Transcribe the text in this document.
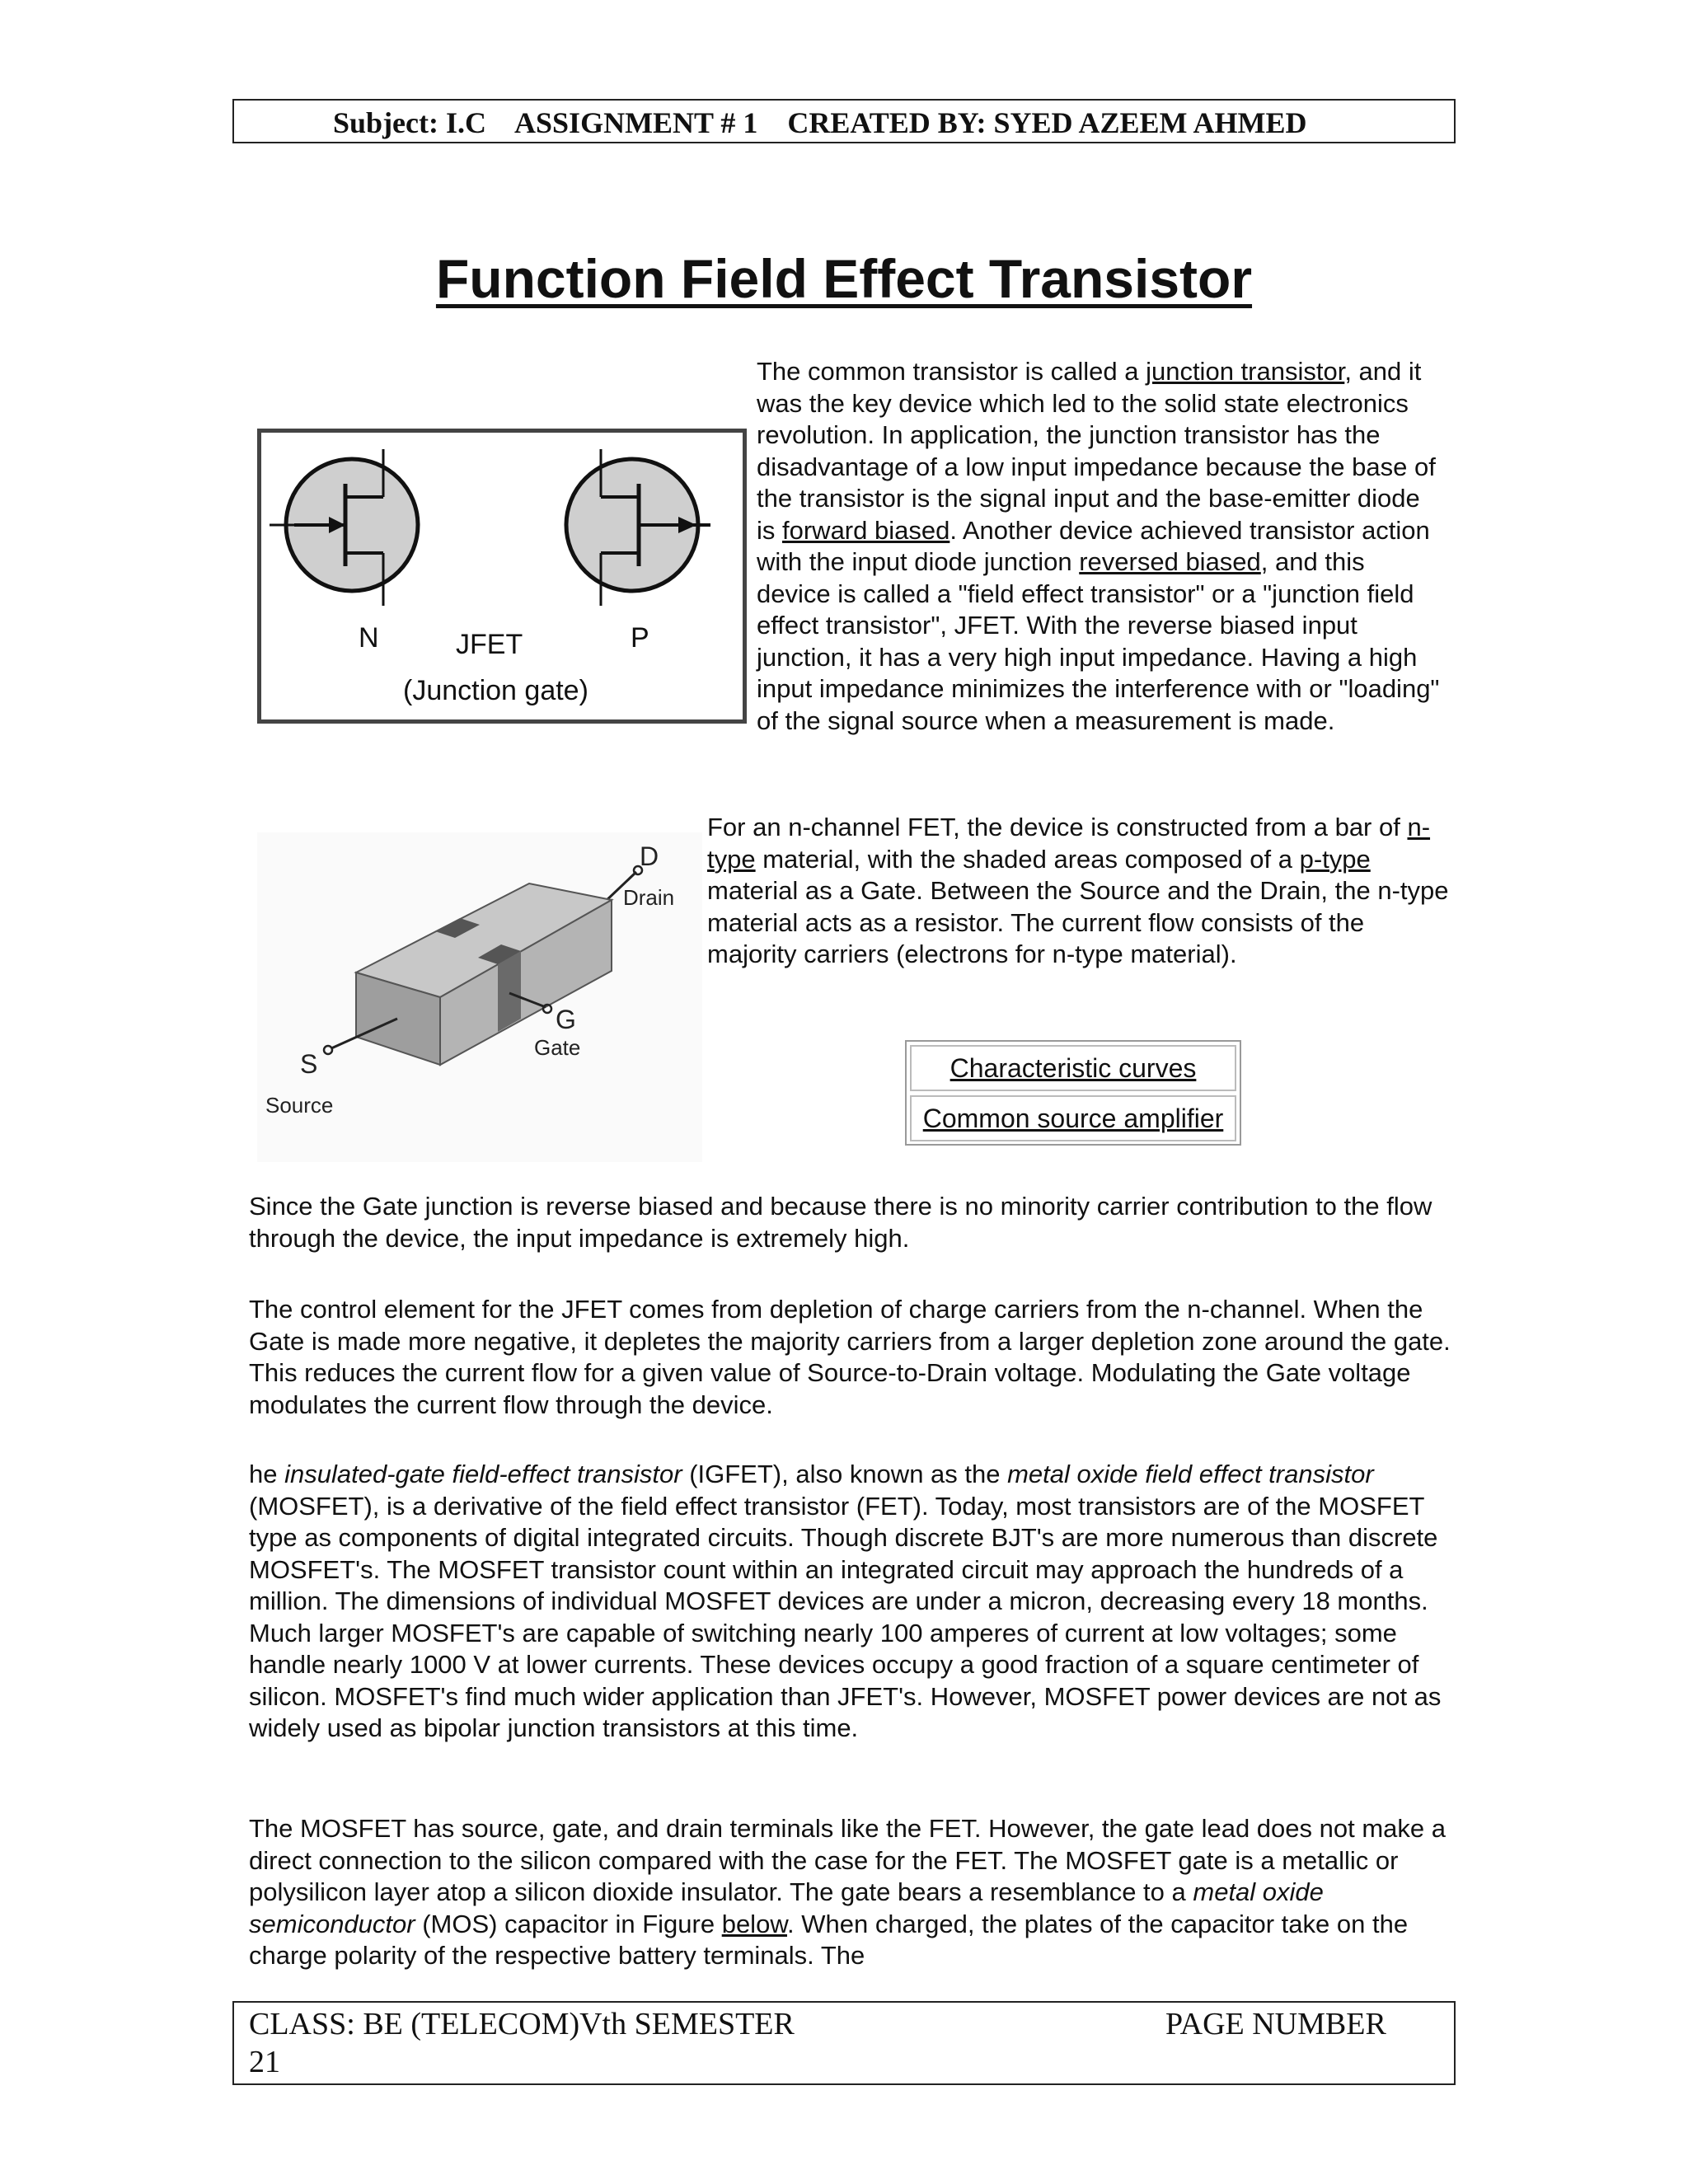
Subject: I.C ASSIGNMENT # 1 CREATED BY: SYED AZEEM AHMED
Function Field Effect Transistor
N	JFET	P
(Junction gate)

The common transistor is called a junction transistor, and it was the key device which led to the solid state electronics revolution. In application, the junction transistor has the disadvantage of a low input impedance because the base of the transistor is the signal input and the base-emitter diode is forward biased. Another device achieved transistor action with the input diode junction reversed biased, and this device is called a "field effect transistor" or a "junction field effect transistor", JFET. With the reverse biased input junction, it has a very high input impedance. Having a high input impedance minimizes the interference with or "loading" of the signal source when a measurement is made.

D
Drain
G
Gate
S
Source

For an n-channel FET, the device is constructed from a bar of n-type material, with the shaded areas composed of a p-type material as a Gate. Between the Source and the Drain, the n-type material acts as a resistor. The current flow consists of the majority carriers (electrons for n-type material).

Characteristic curves
Common source amplifier

Since the Gate junction is reverse biased and because there is no minority carrier contribution to the flow through the device, the input impedance is extremely high.

The control element for the JFET comes from depletion of charge carriers from the n-channel. When the Gate is made more negative, it depletes the majority carriers from a larger depletion zone around the gate. This reduces the current flow for a given value of Source-to-Drain voltage. Modulating the Gate voltage modulates the current flow through the device.

he insulated-gate field-effect transistor (IGFET), also known as the metal oxide field effect transistor (MOSFET), is a derivative of the field effect transistor (FET). Today, most transistors are of the MOSFET type as components of digital integrated circuits. Though discrete BJT's are more numerous than discrete MOSFET's. The MOSFET transistor count within an integrated circuit may approach the hundreds of a million. The dimensions of individual MOSFET devices are under a micron, decreasing every 18 months. Much larger MOSFET's are capable of switching nearly 100 amperes of current at low voltages; some handle nearly 1000 V at lower currents. These devices occupy a good fraction of a square centimeter of silicon. MOSFET's find much wider application than JFET's. However, MOSFET power devices are not as widely used as bipolar junction transistors at this time.

The MOSFET has source, gate, and drain terminals like the FET. However, the gate lead does not make a direct connection to the silicon compared with the case for the FET. The MOSFET gate is a metallic or polysilicon layer atop a silicon dioxide insulator. The gate bears a resemblance to a metal oxide semiconductor (MOS) capacitor in Figure below. When charged, the plates of the capacitor take on the charge polarity of the respective battery terminals. The

CLASS: BE (TELECOM)Vth SEMESTER	PAGE NUMBER
21
